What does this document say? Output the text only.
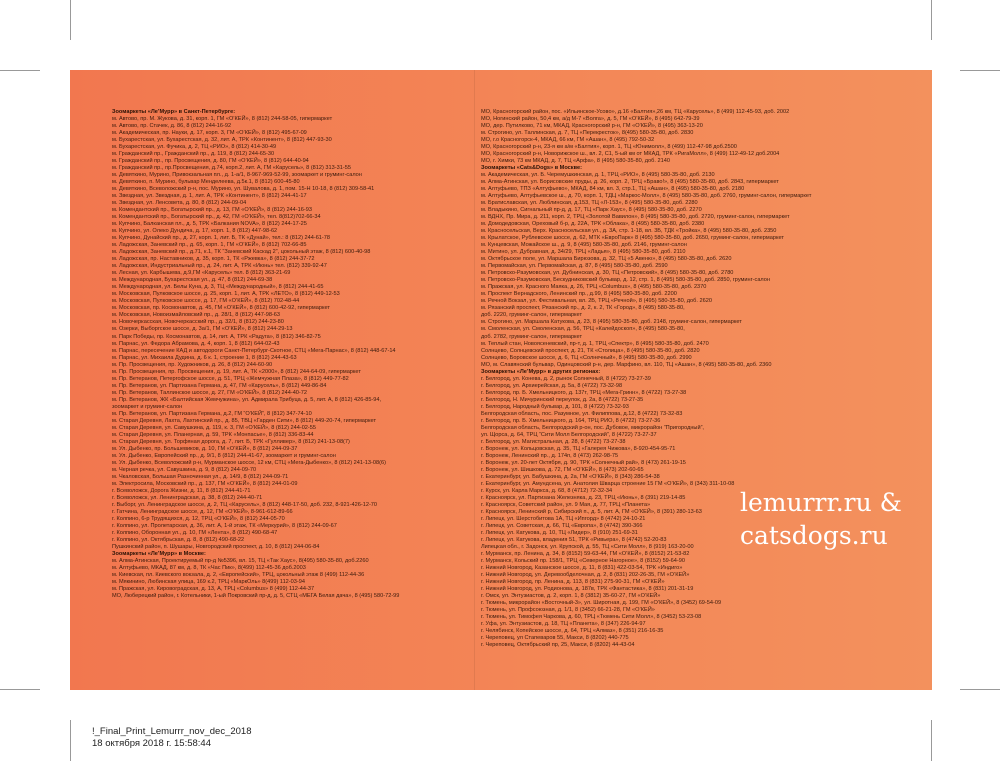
Зоомаркеты «Ле’Мурр» в Санкт-Петербурге:
м. Автово, пр. М. Жукова, д. 31, корп. 1, ГМ «О’КЕЙ», 8 (812) 244-58-05, гипермаркет
м. Автово, пр. Стачек, д. 86, 8 (812) 244-16-92
м. Академическая, пр. Науки, д. 17, корп. 3, ГМ «О’КЕЙ», 8 (812) 495-67-09
м. Бухарестская, ул. Бухарестская, д. 32, лит. А, ТРК «Континент», 8 (812) 447-93-30
м. Бухарестская, ул. Фучика, д. 2, ТЦ «РИО», 8 (812) 414-30-49
м. Гражданский пр., Гражданский пр., д. 119, 8 (812) 244-65-30
м. Гражданский пр., пр. Просвещения, д. 80, ГМ «О’КЕЙ», 8 (812) 644-40-94
м. Гражданский пр., пр.Просвещения, д.74, корп.2, лит. А, ГМ «Карусель», 8 (812) 313-31-55
м. Девяткино, Мурино, Привокзальная пл., д. 1-а/1, 8-967-969-52-99, зоомаркет и груминг-салон
м. Девяткино, п. Мурино, бульвар Менделеева, д.5к.1, 8 (812) 600-45-80
м. Девяткино, Всеволожский р-н, пос. Мурино, ул. Шувалова, д. 1, пом. 15-Н 10-18, 8 (812) 309-58-41
м. Звездная, ул. Звездная, д. 1, лит. А, ТРК «Континент», 8 (812) 244-41-17
м. Звездная, ул. Ленсовета, д. 80, 8 (812) 244-09-04
м. Комендантский пр., Богатырский пр., д. 13, ГМ «О’КЕЙ», 8 (812) 244-16-93
м. Комендантский пр., Богатырский пр., д. 42, ГМ «О’КЕЙ», тел. 8(812)702-66-34
м. Купчино, Балканская пл., д. 5, ТРК «Балкания NOVA», 8 (812) 244-17-25
м. Купчино, ул. Олеко Дундича, д. 17, корп. 1, 8 (812) 447-98-62
м. Купчино, Дунайский пр., д. 27, корп. 1, лит. Б, ТК «Дунай», тел.: 8 (812) 244-61-78
м. Ладожская, Заневский пр., д. 65, корп. 1, ГМ «О’КЕЙ», 8 (812) 702-66-85
м. Ладожская, Заневский пр., д.71, к.1, ТК “Заневский Каскад 2”, цокольный этаж, 8 (812) 600-40-98
м. Ладожская, пр. Наставников, д. 35, корп. 1, ТК «Ржевка», 8 (812) 244-37-72
м. Ладожская, Индустриальный пр., д. 24, лит. А, ТРК «Июнь» тел. (812) 339-92-47
м. Лесная, ул. Карбышева, д.9,ГМ «Карусель» тел. 8 (812) 363-21-69
м. Международная, Бухарестская ул., д. 47, 8 (812) 244-69-38
м. Международная, ул. Белы Куна, д. 3, ТЦ «Международный», 8 (812) 244-41-65
м. Московская, Пулковское шоссе, д. 25, корп. 1, лит. А, ТРК «ЛЕТО», 8 (812) 449-12-53
м. Московская, Пулковское шоссе, д. 17, ГМ «О’КЕЙ», 8 (812) 702-48-44
м. Московская, пр. Космонавтов, д. 45, ГМ «О’КЕЙ», 8 (812) 600-42-92, гипермаркет
м. Московская, Новоизмайловский пр., д. 28/1, 8 (812) 447-98-63
м. Новочеркасская, Новочеркасский пр., д. 32/1, 8 (812) 244-23-80
м. Озерки, Выборгское шоссе, д. 3а/1, ГМ «О’КЕЙ», 8 (812) 244-29-13
м. Парк Победы, пр. Космонавтов, д. 14, лит. А, ТРК «Радуга», 8 (812) 346-82-75
м. Парнас, ул. Федора Абрамова, д. 4, корп. 1, 8 (812) 644-02-43
м. Парнас, пересечение КАД и автодороги Санкт-Петербург-Скотное, СТЦ «Мега-Парнас», 8 (812) 448-67-14
м. Парнас, ул. Михаила Дудина, д. 6 к. 1, строение 1, 8 (812) 244-43-63
м. Пр. Просвещения, пр. Художников, д. 26, 8 (812) 244-60-90
м. Пр. Просвещения, пр. Просвещения, д. 19, лит. А, ТК «2000», 8 (812) 244-64-09, гипермаркет
м. Пр. Ветеранов, Петергофское шоссе, д. 51, ТРЦ «Жемчужная Плаза», 8 (812) 449-77-82
м. Пр. Ветеранов, ул. Партизана Германа, д. 47, ГМ «Карусель», 8 (812) 449-86-84
м. Пр. Ветеранов, Таллинское шоссе, д. 27, ГМ «О’КЕЙ», 8 (812) 244-40-72
м. Пр. Ветеранов, ЖК «Балтийская Жемчужина», ул. Адмирала Трибуца, д. 5, лит. А, 8 (812) 426-85-94,
зоомаркет и груминг-салон
м. Пр. Ветеранов, ул. Партизана Германа, д.2, ГМ “О’КЕЙ”, 8 (812) 347-74-10
м. Старая Деревня, Лахта, Лахтинский пр., д. 85, ТВЦ «Гарден Сити», 8 (812) 449-20-74, гипермаркет
м. Старая Деревня, ул. Савушкина, д. 119, к. 3, ГМ «О’КЕЙ», 8 (812) 244-02-55
м. Старая Деревня, ул. Планерная, д. 59, ТРК «Монпасье», 8 (812) 336-83-44
м. Старая Деревня, ул. Торфяная дорога, д. 7, лит. Б, ТРК «Гулливер», 8 (812) 241-13-08(7)
м. Ул. Дыбенко, пр. Большевиков, д. 10, ГМ «О’КЕЙ», 8 (812) 244-09-37
м. Ул. Дыбенко, Европейский пр., д. 9/1, 8 (812) 244-41-67, зоомаркет и груминг-салон
м. Ул. Дыбенко, Всеволожский р-н, Мурманское шоссе, 12 км, СТЦ «Мега-Дыбенко», 8 (812) 241-13-08(6)
м. Черная речка, ул. Савушкина, д. 9, 8 (812) 244-09-70
м. Чкаловская, Большая Разночинная ул., д. 14/9, 8 (812) 244-09-71
м. Электросила, Московский пр., д. 137, ГМ «О’КЕЙ», 8 (812) 244-01-09
г. Всеволожск, Дорога Жизни, д. 11, 8 (812) 244-41-71
г. Всеволожск, ул. Ленинградская, д. 38, 8 (812) 244-40-71
г. Выборг, ул. Ленинградское шоссе, д. 2, ТЦ «Карусель», 8 (812) 448-17-50, доб. 232, 8-921-426-12-70
г. Гатчина, Ленинградское шоссе, д. 12, ГМ «О’КЕЙ», 8-961-612-89-66
г. Колпино, 6-р Трудящихся, д. 12, ТРЦ «О’КЕЙ», 8 (812) 244-05-70
г. Колпино, ул. Пролетарская, д. 36, лит. А, 1-й этаж, ТК «Меркурий», 8 (812) 244-09-67
г. Колпино, Оборонная ул., д. 10, ГМ «Лента», 8 (812) 490-68-47
г. Колпино, ул. Октябрьская, д. 8, 8 (812) 490-68-22
Пушкинский район, п. Шушары, Новгородский проспект, д. 10, 8 (812) 244-06-84
Зоомаркеты «Ле’Мурр» в Москве:
м. Алма-Атинская, Проектируемый пр-д №5396, вл. 15, ТЦ «Так Хаус», 8(495) 580-35-80, доб.2260
м. Алтуфьево, МКАД, 87 км, д. 8, ТК «Час Пик», 8(499) 112-45-36 доб.2003
м. Киевская, пл. Киевского вокзала, д. 2, «Европейский», ТРЦ, цокольный этаж 8 (499) 112-44-36
м. Мякинино, Любинская улица, 169 к.2, ТРЦ «МаркОль» 8(499) 112-03-94
м. Пражская, ул. Кировоградская, д. 13, А, ТРЦ «Columbus» 8 (499) 112-44-37
МО, Люберецкий район, г. Котельники, 1-ый Покровский пр-д, д. 5, СТЦ «МЕГА Белая дача», 8 (495) 580-72-99
МО, Красногорский район, пос. «Ильинское-Усово», д.16 «Балтия»,26 км, ТЦ «Карусель», 8 (499) 112-45-93, доб. 2002
МО, Ногинский район, 50,4 км, а/д М-7 «Волга», д. 5, ГМ «О’КЕЙ», 8 (495) 642-79-39
МО, дер. Путилково, 71 км, МКАД, Красногорский р-н, ГМ «О’КЕЙ», 8 (495) 363-13-20
м. Строгино, ул. Таллинская, д. 7, ТЦ «Перекресток», 8(495) 580-35-80, доб. 2830
МО, г.о Красногорск-4, МКАД, 66 км, ГМ «Ашан», 8 (495) 792-50-32
МО, Красногорский р-н, 23-я км а/м «Балтия», корп. 1, ТЦ «Юнимолл», 8 (499) 112-47-98 доб.2500
МО, Красногорский р-н, Новорижское ш., вл. 2, С1, 5-ый км от МКАД, ТРК «РигаМолл», 8 (499) 112-49-12 доб.2004
МО, г. Химки, 73 км МКАД, д. 7, ТЦ «Арфа», 8 (495) 580-35-80, доб. 2140
Зоомаркеты «Cats&Dogs» в Москве:
м. Академическая, ул. Б. Черемушкинская, д. 1, ТРЦ «РИО», 8 (495) 580-35-80, доб. 2130
м. Алма-Атинская, ул. Борисовские пруды, д. 26, корп. 2, ТРЦ «Браво!», 8 (495) 580-35-80, доб. 2843, гипермаркет
м. Алтуфьево, ТПЗ «Алтуфьево», МКАД, 84 км, вл. 3, стр.1, ТЦ «Ашан», 8 (495) 580-35-80, доб. 2180
м. Алтуфьево, Алтуфьевское ш., д. 70, корп. 1, ТДЦ «Маркос-Молл», 8 (495) 580-35-80, доб. 2760, груминг-салон, гипермаркет
м. Братиславская, ул. Люблинская, д.153, ТЦ «Л-153», 8 (495) 580-35-80, доб. 2280
м. Владыкино, Сигнальный пр-д, д. 17, ТЦ «Парк Хаус», 8 (495) 580-35-80, доб. 2270
м. ВДНХ, Пр. Мира, д. 211, корп. 2, ТРЦ «Золотой Вавилон», 8 (495) 580-35-80, доб. 2720, груминг-салон, гипермаркет
м. Домодедовская, Ореховый б-р, д. 22А, ТРК «Облака», 8 (495) 580-35-80, доб. 2380
м. Красносельская, Верх. Красносельская ул., д. 3А, стр. 1-18, вл. 3Б, ТДК «Тройка», 8 (495) 580-35-80, доб. 2350
м. Крылатское, Рублевское шоссе, д. 62, МТК «ЕвроПарк» 8 (495) 580-35-80, доб. 2650, груминг-салон, гипермаркет
м. Кунцевская, Можайское ш., д. 9, 8 (495) 580-35-80, доб. 2146, груминг-салон
м. Митино, ул. Дубравная, д. 34/29, ТРЦ «Ладья», 8 (495) 580-35-80, доб. 2110
м. Октябрьское поле, ул. Маршала Бирюзова, д. 32, ТЦ «5 Авеню», 8 (495) 580-35-80, доб. 2620
м. Первомайская, ул. Первомайская, д. 87, 8 (495) 580-35-80, доб. 2590
м. Петровско-Разумовская, ул. Дубнинская, д. 30, ТЦ «Петровский», 8 (495) 580-35-80, доб. 2780
м. Петровско-Разумовская, Бескудниковский бульвар, д. 12, стр. 1, 8 (495) 580-35-80, доб. 2850, груминг-салон
м. Пражская, ул. Красного Маяка, д. 26, ТРЦ «Columbus», 8 (495) 580-35-80, доб. 2370
м. Проспект Вернадского, Ленинский пр., д.99, 8 (495) 580-35-80, доб. 2200
м. Речной Вокзал, ул. Фестивальная, вл. 2Б, ТРЦ «Речной», 8 (495) 580-35-80, доб. 2620
м. Рязанский проспект, Рязанский пр., д. 2, к. 2, ТК «Город», 8 (495) 580-35-80,
доб. 2220, груминг-салон, гипермаркет
м. Строгино, ул. Маршала Катукова, д. 23, 8 (495) 580-35-80, доб. 2148, груминг-салон, гипермаркет
м. Смоленская, ул. Смоленская, д. 56, ТРЦ «Калейдоскоп», 8 (495) 580-35-80,
доб. 2782, груминг-салон, гипермаркет
м. Теплый стан, Новоясеневский, пр-т, д. 1, ТРЦ «Спектр», 8 (495) 580-35-80, доб. 2470
Солнцево, Солнцевский проспект, д. 21, ТК «Столица», 8 (495) 580-35-80, доб. 2820
Солнцево, Боровское шоссе, д. 6, ТЦ «Солнечный», 8 (495) 580-35-80, доб. 2990
МО, м. Славянский бульвар, Одинцовский р-н, дер. Марфино, вл. 110, ТЦ «Ашан», 8 (495) 580-35-80, доб. 2360
Зоомаркеты «Ле’Мурр» в других регионах:
г. Белгород, ул. Конева, д. 2, рынок Солнечный, 8 (4722) 73-27-39
г. Белгород, ул. Архиерейская, д. 5а, 8 (4722) 73-32-98
г. Белгород, пр. Б. Хмельницкого, д. 137т, ТРЦ «Мега-Гринн», 8 (4722) 73-27-38
г. Белгород, Н. Мичуринский переулок, д. 2а, 8 (4722) 73-27-35
г. Белгород, Народный бульвар, д. 101, 8 (4722) 73-32-93
Белгородская область, пос. Разумное, ул. Филиппова, д.12, 8 (4722) 73-32-83
г. Белгород, пр. Б. Хмельницкого, д. 164, ТРЦ РИО, 8 (4722) 73-27-36
Белгородская область, Белгородский р-он, пос. Дубовое, микрорайон “Пригородный”,
ул. Щорса, д. 64, ТРЦ “Сити Молл Белгородский”, 8 (4722) 73-27-37
г. Белгород, ул. Магистральная, д. 28, 8 (4722) 73-27-38
г. Воронеж, ул. Кольцовская, д. 35, ТЦ «Галерея Чижова», 8-920-454-95-71
г. Воронеж, Ленинский пр., д. 174п, 8 (473) 262-98-75
г. Воронеж, ул. 20-лет Октября, д. 90, ТРК «Солнечный рай», 8 (473) 261-19-15
г. Воронеж, ул. Шишкова, д. 72, ГМ «О’КЕЙ», 8 (473) 202-60-65
г. Екатеринбург, ул. Бабушкина, д. 2а, ГМ «О’КЕЙ», 8 (343) 286-54-38
г. Екатеринбург, ул. Амундсена, ул. Анатолия Шварца строение 15 ГМ «О’КЕЙ», 8 (343) 311-10-08
г. Курск, ул. Карла Маркса, д. 68, 8 (4712) 72-32-34
г. Красноярск, ул. Партизана Железняка, д. 23, ТРЦ «Июнь», 8 (391) 219-14-85
г. Красноярск, Советский район, ул. 9 Мая, д. 77, ТРЦ «Планета»
г. Красноярск, Ленинский р, Сибирский п., д. 5, лит. А, ГМ «О’КЕЙ», 8 (391) 280-13-63
г. Липецк, ул. Шерстобитова 1А, ТЦ «Ипгорд» 8 (4742) 24-10-21
г. Липецк, ул. Советская, д. 66, ТЦ «Европа», 8 (4742) 390-366
г. Липецк, ул. Катукова, д. 10, ТЦ «Лидер», 8 (910) 251-69-31
г. Липецк, ул. Катукова, владения 51, ТРК «Ривьера», 8 (4742) 52-20-83
Липецкая обл., г. Задонск, ул. Крупской, д. 55, ТЦ «Сити Молл», 8 (919) 163-20-00
г. Мурманск, пр. Ленина, д. 34, 8 (8152) 59-63-44, ГМ «О’КЕЙ», 8 (8152) 21-53-82
г. Мурманск, Кольский пр. 158/1, ТРЦ «Северное Нагорное», 8 (8152) 59-64-90
г. Нижний Новгород, Казанское шоссе, д. 11, 8 (831) 422-03-54, ТРК «Индиго»
г. Нижний Новгород, ул. Деревообделочная, д. 2, 8 (831) 202-26-35, ГМ «О’КЕЙ»
г. Нижний Новгород, пр. Ленина, д. 113, 8 (831) 275-90-31, ГМ «О’КЕЙ»
г. Нижний Новгород, ул. Родионова, д. 187в, ТРК «Фантастика», 8 (831) 201-31-19
г. Омск, ул. Энтузиастов, д. 2, корп. 1, 8 (3812) 35-60-27, ГМ «О’КЕЙ»
г. Тюмень, микрорайон «Восточный-3», ул. Широтная, д. 199, ГМ «О’КЕЙ», 8 (3452) 69-54-09
г. Тюмень, ул. Профсоюзная, д. 1/1, 8 (3452) 66-21-28, ГМ «О’КЕЙ»
г. Тюмень, ул. Тимофея Чаркова, д. 60, ТРЦ «Тюмень Сити Молл», 8 (3452) 53-23-08
г. Уфа, ул. Энтузиастов, д. 18, ТЦ «Планета», 8 (347) 226-94-97
г. Челябинск, Копейское шоссе, д. 64, ТРЦ «Алмаз», 8 (351) 216-16-35
г. Череповец, ул Стапеваров 55, Макси, 8 (8202) 440-775
г. Череповец, Октябрьский пр, 25, Макси, 8 (8202) 44-43-04
lemurrr.ru &
catsdogs.ru
!_Final_Print_Lemurrr_nov_dec_2018
18 октября 2018 г. 15:58:44
